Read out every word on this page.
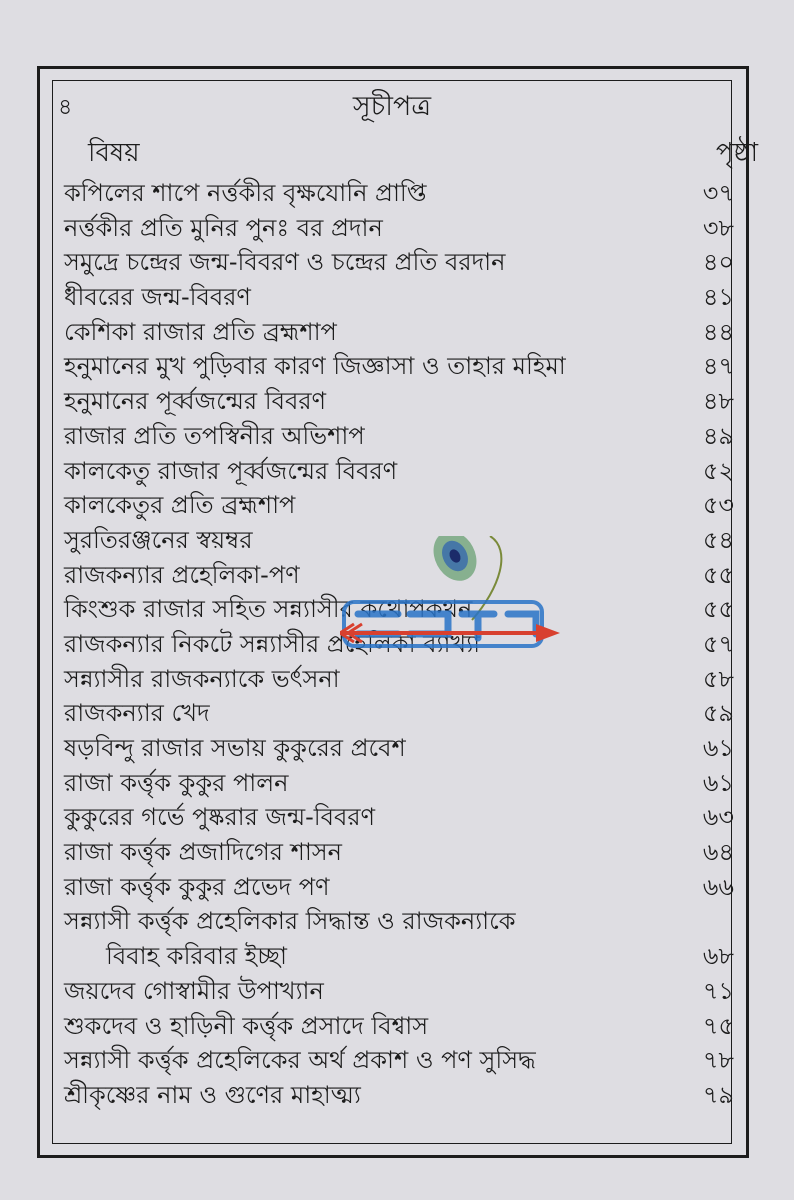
৪	সূচীপত্র
বিষয়	পৃষ্ঠা
কপিলের শাপে নর্ত্তকীর বৃক্ষযোনি প্রাপ্তি	৩৭
নর্ত্তকীর প্রতি মুনির পুনঃ বর প্রদান	৩৮
সমুদ্রে চন্দ্রের জন্ম-বিবরণ ও চন্দ্রের প্রতি বরদান	৪০
ধীবরের জন্ম-বিবরণ	৪১
কেশিকা রাজার প্রতি ব্রহ্মশাপ	৪৪
হনুমানের মুখ পুড়িবার কারণ জিজ্ঞাসা ও তাহার মহিমা	৪৭
হনুমানের পূর্ব্বজন্মের বিবরণ	৪৮
রাজার প্রতি তপস্বিনীর অভিশাপ	৪৯
কালকেতু রাজার পূর্ব্বজন্মের বিবরণ	৫২
কালকেতুর প্রতি ব্রহ্মশাপ	৫৩
সুরতিরঞ্জনের স্বয়ম্বর	৫৪
রাজকন্যার প্রহেলিকা-পণ	৫৫
কিংশুক রাজার সহিত সন্ন্যাসীর কথোপকথন	৫৫
রাজকন্যার নিকটে সন্ন্যাসীর প্রহেলিকা ব্যাখ্যা	৫৭
সন্ন্যাসীর রাজকন্যাকে ভর্ৎসনা	৫৮
রাজকন্যার খেদ	৫৯
ষড়বিন্দু রাজার সভায় কুকুরের প্রবেশ	৬১
রাজা কর্ত্তৃক কুকুর পালন	৬১
কুকুরের গর্ভে পুষ্করার জন্ম-বিবরণ	৬৩
রাজা কর্ত্তৃক প্রজাদিগের শাসন	৬৪
রাজা কর্ত্তৃক কুকুর প্রভেদ পণ	৬৬
সন্ন্যাসী কর্ত্তৃক প্রহেলিকার সিদ্ধান্ত ও রাজকন্যাকে
বিবাহ করিবার ইচ্ছা	৬৮
জয়দেব গোস্বামীর উপাখ্যান	৭১
শুকদেব ও হাড়িনী কর্ত্তৃক প্রসাদে বিশ্বাস	৭৫
সন্ন্যাসী কর্ত্তৃক প্রহেলিকের অর্থ প্রকাশ ও পণ সুসিদ্ধ	৭৮
শ্রীকৃষ্ণের নাম ও গুণের মাহাত্ম্য	৭৯
